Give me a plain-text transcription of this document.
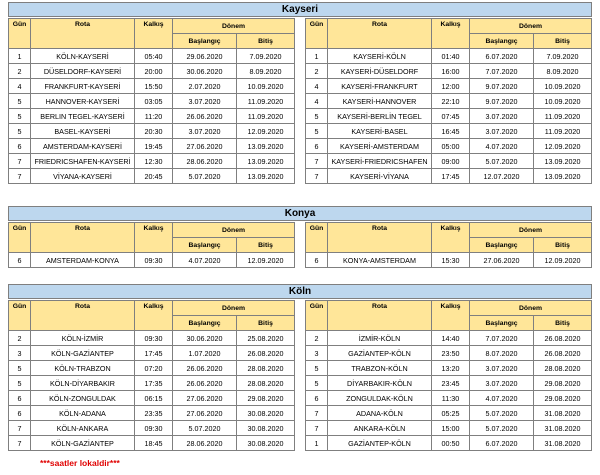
Kayseri
Gün	Rota	Kalkış	Dönem	
			Başlangıç	Bitiş
1	KÖLN-KAYSERİ	05:40	29.06.2020	7.09.2020
2	DÜSELDORF-KAYSERİ	20:00	30.06.2020	8.09.2020
4	FRANKFURT-KAYSERİ	15:50	2.07.2020	10.09.2020
5	HANNOVER-KAYSERİ	03:05	3.07.2020	11.09.2020
5	BERLIN TEGEL-KAYSERİ	11:20	26.06.2020	11.09.2020
5	BASEL-KAYSERİ	20:30	3.07.2020	12.09.2020
6	AMSTERDAM-KAYSERİ	19:45	27.06.2020	13.09.2020
7	FRIEDRICSHAFEN-KAYSERİ	12:30	28.06.2020	13.09.2020
7	VİYANA-KAYSERİ	20:45	5.07.2020	13.09.2020
Gün	Rota	Kalkış	Dönem	
			Başlangıç	Bitiş
1	KAYSERİ-KÖLN	01:40	6.07.2020	7.09.2020
2	KAYSERİ-DÜSELDORF	16:00	7.07.2020	8.09.2020
4	KAYSERİ-FRANKFURT	12:00	9.07.2020	10.09.2020
4	KAYSERİ-HANNOVER	22:10	9.07.2020	10.09.2020
5	KAYSERİ-BERLİN TEGEL	07:45	3.07.2020	11.09.2020
5	KAYSERİ-BASEL	16:45	3.07.2020	11.09.2020
6	KAYSERİ-AMSTERDAM	05:00	4.07.2020	12.09.2020
7	KAYSERİ-FRIEDRICSHAFEN	09:00	5.07.2020	13.09.2020
7	KAYSERİ-VİYANA	17:45	12.07.2020	13.09.2020
Konya
Gün	Rota	Kalkış	Dönem	
			Başlangıç	Bitiş
6	AMSTERDAM-KONYA	09:30	4.07.2020	12.09.2020
Gün	Rota	Kalkış	Dönem	
			Başlangıç	Bitiş
6	KONYA-AMSTERDAM	15:30	27.06.2020	12.09.2020
Köln
Gün	Rota	Kalkış	Dönem	
			Başlangıç	Bitiş
2	KÖLN-İZMİR	09:30	30.06.2020	25.08.2020
3	KÖLN-GAZİANTEP	17:45	1.07.2020	26.08.2020
5	KÖLN-TRABZON	07:20	26.06.2020	28.08.2020
5	KÖLN-DİYARBAKIR	17:35	26.06.2020	28.08.2020
6	KÖLN-ZONGULDAK	06:15	27.06.2020	29.08.2020
6	KÖLN-ADANA	23:35	27.06.2020	30.08.2020
7	KÖLN-ANKARA	09:30	5.07.2020	30.08.2020
7	KÖLN-GAZİANTEP	18:45	28.06.2020	30.08.2020
Gün	Rota	Kalkış	Dönem	
			Başlangıç	Bitiş
2	İZMİR-KÖLN	14:40	7.07.2020	26.08.2020
3	GAZİANTEP-KÖLN	23:50	8.07.2020	26.08.2020
5	TRABZON-KÖLN	13:20	3.07.2020	28.08.2020
5	DİYARBAKIR-KÖLN	23:45	3.07.2020	29.08.2020
6	ZONGULDAK-KÖLN	11:30	4.07.2020	29.08.2020
7	ADANA-KÖLN	05:25	5.07.2020	31.08.2020
7	ANKARA-KÖLN	15:00	5.07.2020	31.08.2020
1	GAZİANTEP-KÖLN	00:50	6.07.2020	31.08.2020
***saatler lokaldir***
